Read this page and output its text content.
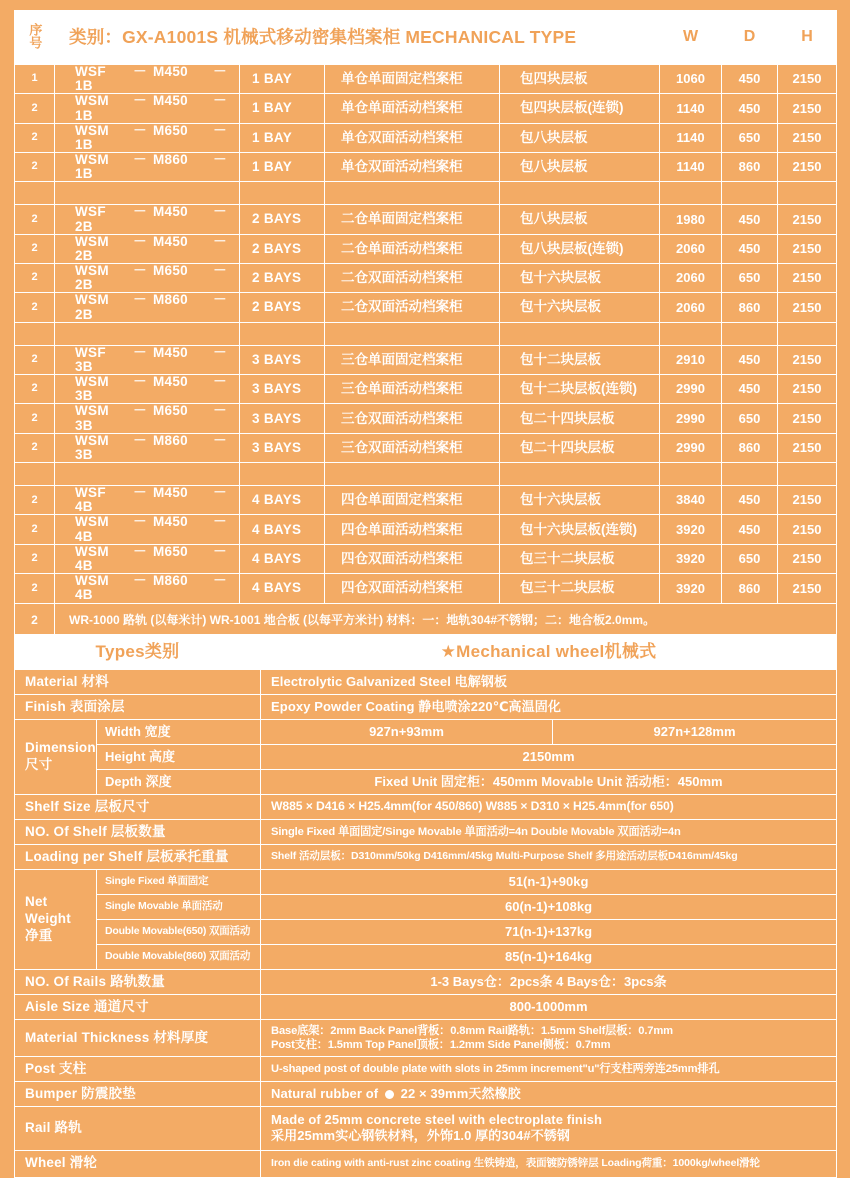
序号	类别：GX-A1001S 机械式移动密集档案柜 MECHANICAL TYPE				W	D	H
1	WSF － M450 －1B	1 BAY	单仓单面固定档案柜	包四块层板	1060	450	2150
2	WSM － M450 －1B	1 BAY	单仓单面活动档案柜	包四块层板(连锁)	1140	450	2150
2	WSM － M650 －1B	1 BAY	单仓双面活动档案柜	包八块层板	1140	650	2150
2	WSM － M860 －1B	1 BAY	单仓双面活动档案柜	包八块层板	1140	860	2150

2	WSF － M450 －2B	2 BAYS	二仓单面固定档案柜	包八块层板	1980	450	2150
2	WSM － M450 －2B	2 BAYS	二仓单面活动档案柜	包八块层板(连锁)	2060	450	2150
2	WSM － M650 －2B	2 BAYS	二仓双面活动档案柜	包十六块层板	2060	650	2150
2	WSM － M860 －2B	2 BAYS	二仓双面活动档案柜	包十六块层板	2060	860	2150

2	WSF － M450 －3B	3 BAYS	三仓单面固定档案柜	包十二块层板	2910	450	2150
2	WSM － M450 －3B	3 BAYS	三仓单面活动档案柜	包十二块层板(连锁)	2990	450	2150
2	WSM － M650 －3B	3 BAYS	三仓双面活动档案柜	包二十四块层板	2990	650	2150
2	WSM － M860 －3B	3 BAYS	三仓双面活动档案柜	包二十四块层板	2990	860	2150

2	WSF － M450 －4B	4 BAYS	四仓单面固定档案柜	包十六块层板	3840	450	2150
2	WSM － M450 －4B	4 BAYS	四仓单面活动档案柜	包十六块层板(连锁)	3920	450	2150
2	WSM － M650 －4B	4 BAYS	四仓双面活动档案柜	包三十二块层板	3920	650	2150
2	WSM － M860 －4B	4 BAYS	四仓双面活动档案柜	包三十二块层板	3920	860	2150
2	WR-1000 路轨 (以每米计) WR-1001 地合板 (以每平方米计) 材料：一：地轨304#不锈钢；二：地合板2.0mm。						
Types类别		★Mechanical wheel机械式	
Material 材料		Electrolytic Galvanized Steel 电解钢板	
Finish 表面涂层		Epoxy Powder Coating 静电喷涂220℃高温固化	
Dimension
尺寸	Width 宽度	927n+93mm	927n+128mm
	Height 高度	2150mm	
	Depth 深度	Fixed Unit 固定柜：450mm Movable Unit 活动柜：450mm	
Shelf Size 层板尺寸		W885 × D416 × H25.4mm(for 450/860) W885 × D310 × H25.4mm(for 650)	
NO. Of Shelf 层板数量		Single Fixed 单面固定/Singe Movable 单面活动=4n Double Movable 双面活动=4n	
Loading per Shelf 层板承托重量		Shelf 活动层板：D310mm/50kg D416mm/45kg Multi-Purpose Shelf 多用途活动层板D416mm/45kg	
Net Weight
净重	Single Fixed 单面固定	51(n-1)+90kg	
	Single Movable 单面活动	60(n-1)+108kg	
	Double Movable(650) 双面活动	71(n-1)+137kg	
	Double Movable(860) 双面活动	85(n-1)+164kg	
NO. Of Rails 路轨数量		1-3 Bays仓：2pcs条 4 Bays仓：3pcs条	
Aisle Size 通道尺寸		800-1000mm	
Material Thickness 材料厚度		Base底架：2mm Back Panel背板：0.8mm Rail路轨：1.5mm Shelf层板：0.7mm
Post支柱：1.5mm Top Panel顶板：1.2mm Side Panel侧板：0.7mm	

Post 支柱		U-shaped post of double plate with slots in 25mm increment"u"行支柱两旁连25mm排孔	
Bumper 防震胶垫		Natural rubber of 22 × 39mm天然橡胶	
Rail 路轨		Made of 25mm concrete steel with electroplate finish
采用25mm实心钢铁材料，外饰1.0 厚的304#不锈钢	

Wheel 滑轮		Iron die cating with anti-rust zinc coating 生铁铸造，表面镀防锈锌层 Loading荷重：1000kg/wheel滑轮	
